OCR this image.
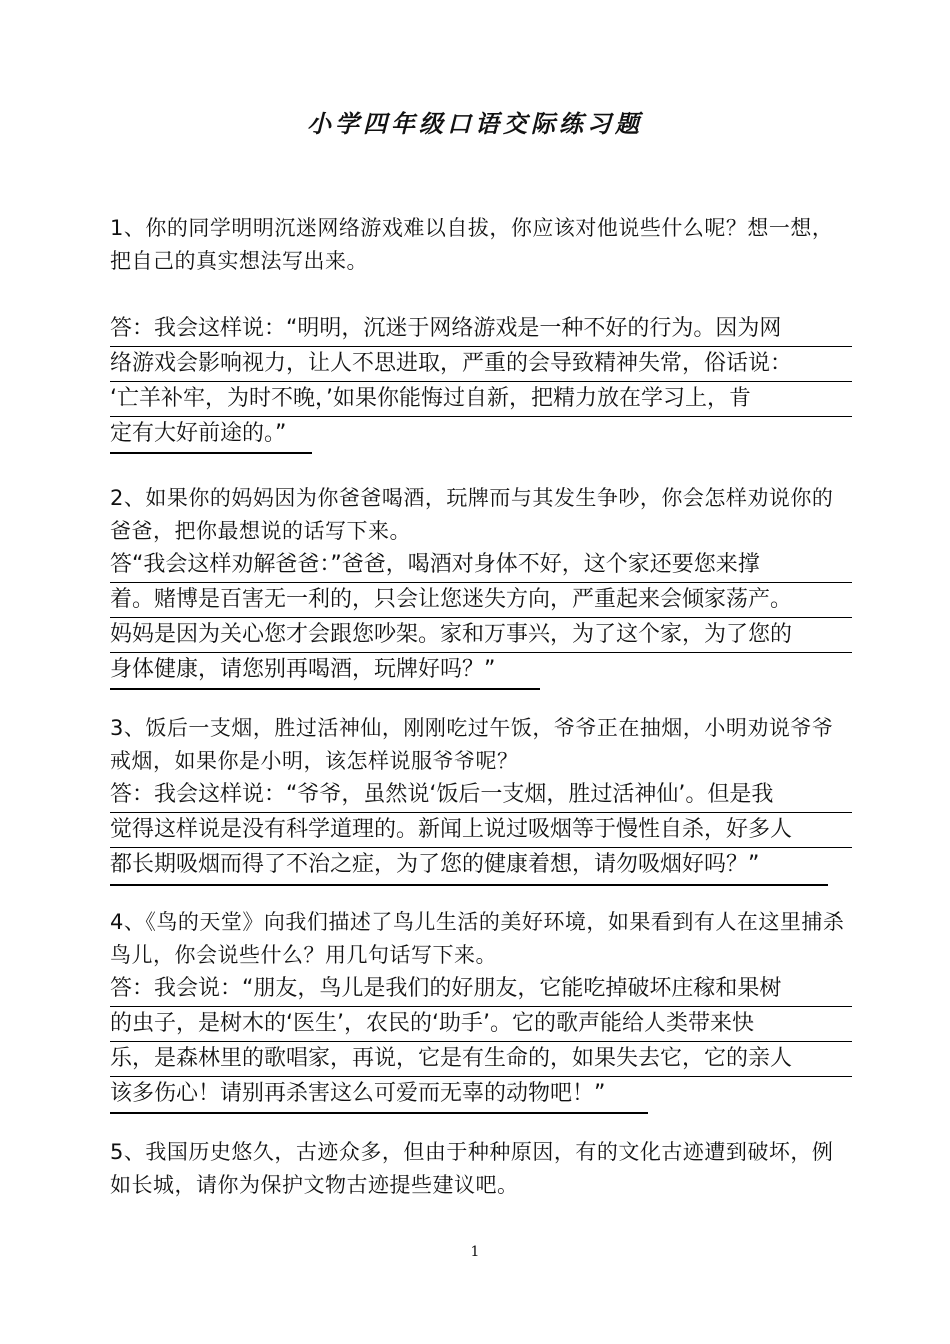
小学四年级口语交际练习题
1、你的同学明明沉迷网络游戏难以自拔，你应该对他说些什么呢？想一想，把自己的真实想法写出来。
答：我会这样说：“明明，沉迷于网络游戏是一种不好的行为。因为网
络游戏会影响视力，让人不思进取，严重的会导致精神失常，俗话说：
‘亡羊补牢，为时不晚，’如果你能悔过自新，把精力放在学习上，肯
定有大好前途的。”
2、如果你的妈妈因为你爸爸喝酒，玩牌而与其发生争吵，你会怎样劝说你的爸爸，把你最想说的话写下来。
答“我会这样劝解爸爸：”爸爸，喝酒对身体不好，这个家还要您来撑
着。赌博是百害无一利的，只会让您迷失方向，严重起来会倾家荡产。
妈妈是因为关心您才会跟您吵架。家和万事兴，为了这个家，为了您的
身体健康，请您别再喝酒，玩牌好吗？”
3、饭后一支烟，胜过活神仙，刚刚吃过午饭，爷爷正在抽烟，小明劝说爷爷戒烟，如果你是小明，该怎样说服爷爷呢？
答：我会这样说：“爷爷，虽然说‘饭后一支烟，胜过活神仙’。但是我
觉得这样说是没有科学道理的。新闻上说过吸烟等于慢性自杀，好多人
都长期吸烟而得了不治之症，为了您的健康着想，请勿吸烟好吗？”
4、《鸟的天堂》向我们描述了鸟儿生活的美好环境，如果看到有人在这里捕杀鸟儿，你会说些什么？用几句话写下来。
答：我会说：“朋友，鸟儿是我们的好朋友，它能吃掉破坏庄稼和果树
的虫子，是树木的‘医生’，农民的‘助手’。它的歌声能给人类带来快
乐，是森林里的歌唱家，再说，它是有生命的，如果失去它，它的亲人
该多伤心！请别再杀害这么可爱而无辜的动物吧！”
5、我国历史悠久，古迹众多，但由于种种原因，有的文化古迹遭到破坏，例如长城，请你为保护文物古迹提些建议吧。
1
